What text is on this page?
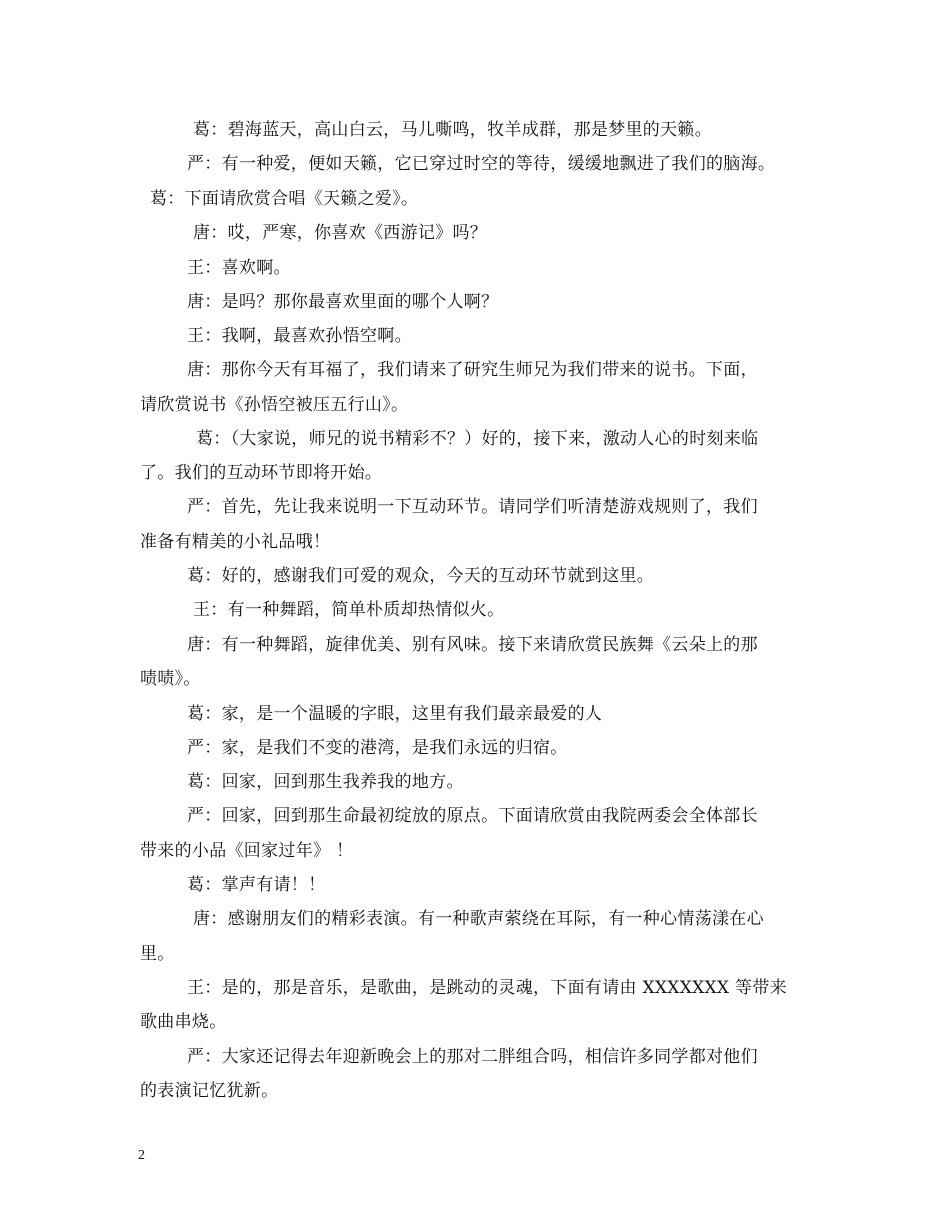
葛：碧海蓝天，高山白云，马儿嘶鸣，牧羊成群，那是梦里的天籁。
严：有一种爱，便如天籁，它已穿过时空的等待，缓缓地飘进了我们的脑海。
葛：下面请欣赏合唱《天籁之爱》。
唐：哎，严寒，你喜欢《西游记》吗？
王：喜欢啊。
唐：是吗？那你最喜欢里面的哪个人啊？
王：我啊，最喜欢孙悟空啊。
唐：那你今天有耳福了，我们请来了研究生师兄为我们带来的说书。下面，
请欣赏说书《孙悟空被压五行山》。
葛：（大家说，师兄的说书精彩不？）好的，接下来，激动人心的时刻来临
了。我们的互动环节即将开始。
严：首先，先让我来说明一下互动环节。请同学们听清楚游戏规则了，我们
准备有精美的小礼品哦！
葛：好的，感谢我们可爱的观众，今天的互动环节就到这里。
王：有一种舞蹈，简单朴质却热情似火。
唐：有一种舞蹈，旋律优美、别有风味。接下来请欣赏民族舞《云朵上的那
啧啧》。
葛：家，是一个温暖的字眼，这里有我们最亲最爱的人
严：家，是我们不变的港湾，是我们永远的归宿。
葛：回家，回到那生我养我的地方。
严：回家，回到那生命最初绽放的原点。下面请欣赏由我院两委会全体部长
带来的小品《回家过年》 ！
葛：掌声有请！！
唐：感谢朋友们的精彩表演。有一种歌声萦绕在耳际，有一种心情荡漾在心
里。
王：是的，那是音乐，是歌曲，是跳动的灵魂，下面有请由 XXXXXXX 等带来
歌曲串烧。
严：大家还记得去年迎新晚会上的那对二胖组合吗，相信许多同学都对他们
的表演记忆犹新。
2
